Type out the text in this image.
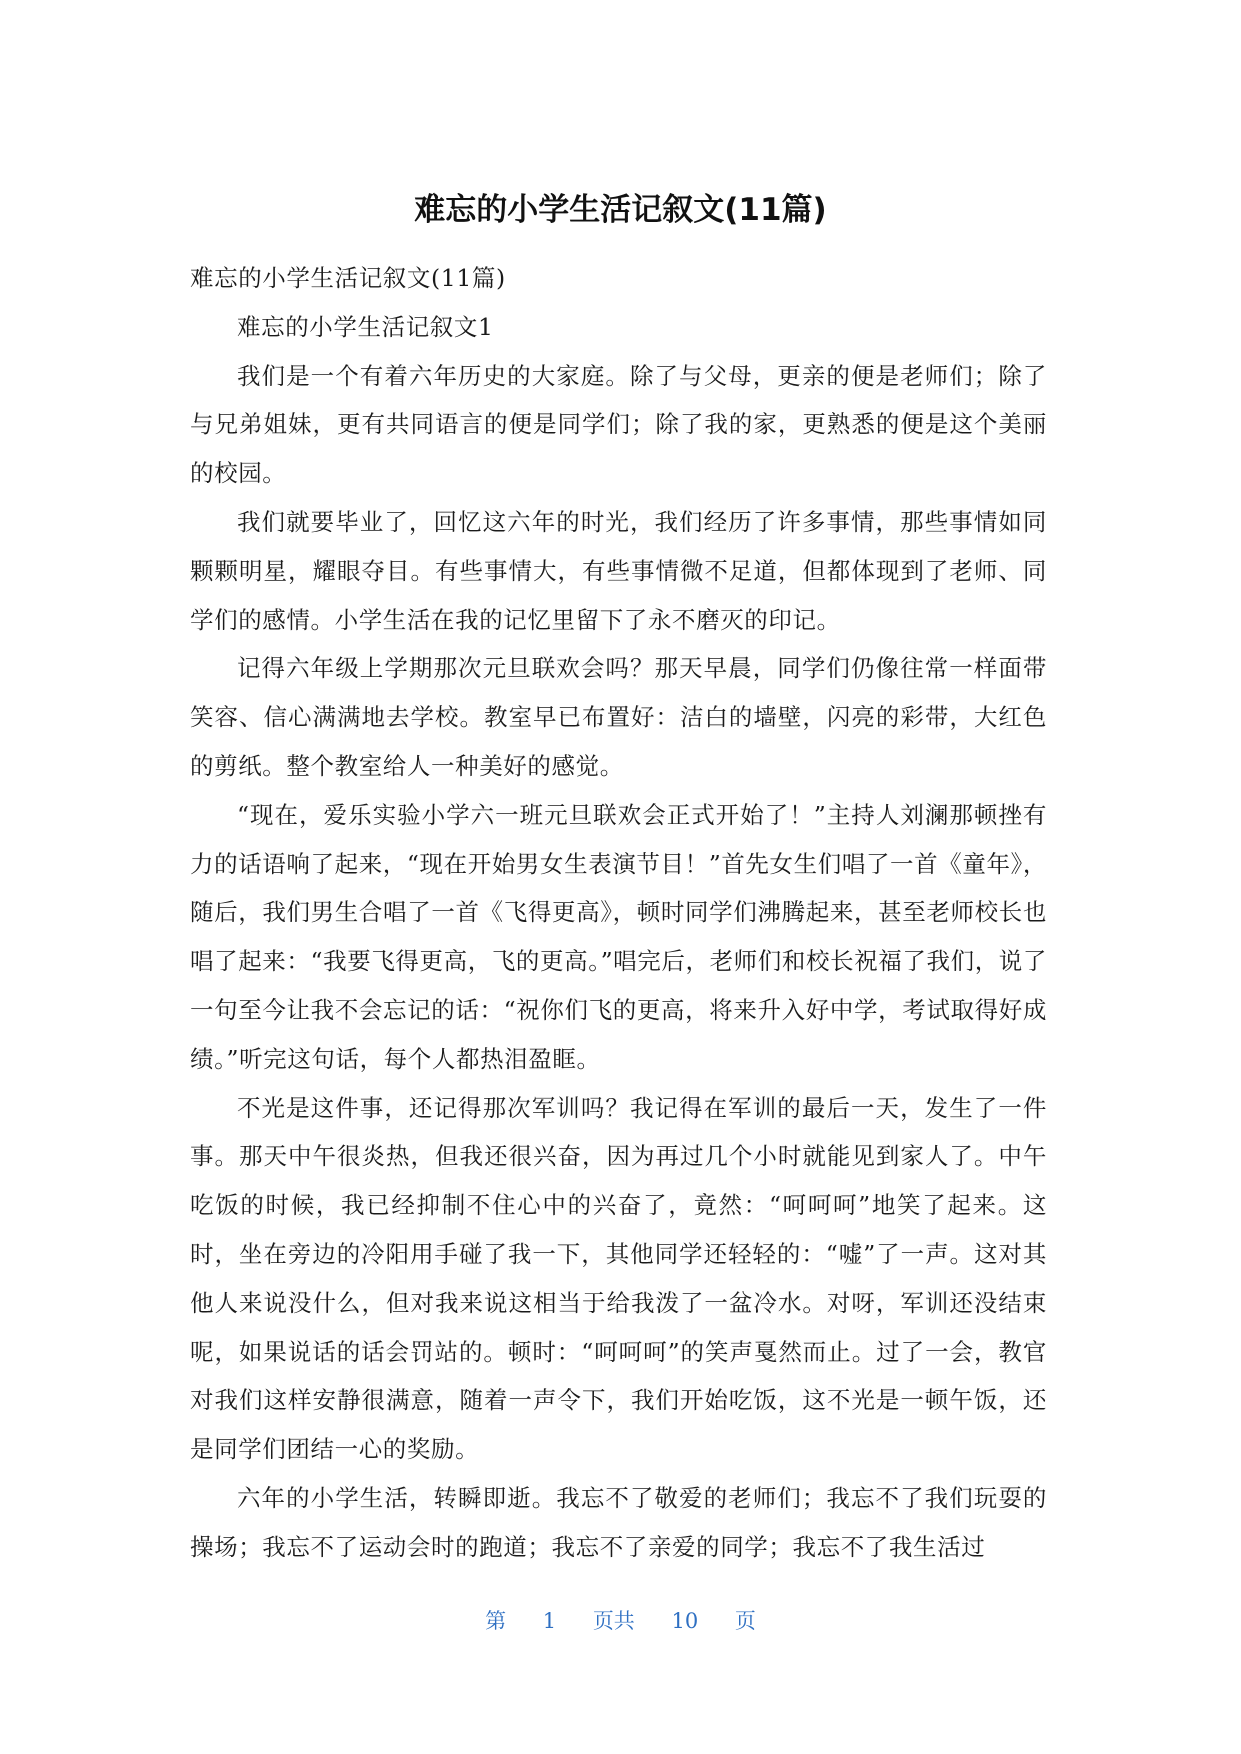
难忘的小学生活记叙文(11篇)

难忘的小学生活记叙文(11篇)

难忘的小学生活记叙文1

我们是一个有着六年历史的大家庭。除了与父母，更亲的便是老师们；除了与兄弟姐妹，更有共同语言的便是同学们；除了我的家，更熟悉的便是这个美丽的校园。

我们就要毕业了，回忆这六年的时光，我们经历了许多事情，那些事情如同颗颗明星，耀眼夺目。有些事情大，有些事情微不足道，但都体现到了老师、同学们的感情。小学生活在我的记忆里留下了永不磨灭的印记。

记得六年级上学期那次元旦联欢会吗？那天早晨，同学们仍像往常一样面带笑容、信心满满地去学校。教室早已布置好：洁白的墙壁，闪亮的彩带，大红色的剪纸。整个教室给人一种美好的感觉。

“现在，爱乐实验小学六一班元旦联欢会正式开始了！”主持人刘澜那顿挫有力的话语响了起来，“现在开始男女生表演节目！”首先女生们唱了一首《童年》，随后，我们男生合唱了一首《飞得更高》，顿时同学们沸腾起来，甚至老师校长也唱了起来：“我要飞得更高，飞的更高。”唱完后，老师们和校长祝福了我们，说了一句至今让我不会忘记的话：“祝你们飞的更高，将来升入好中学，考试取得好成绩。”听完这句话，每个人都热泪盈眶。

不光是这件事，还记得那次军训吗？我记得在军训的最后一天，发生了一件事。那天中午很炎热，但我还很兴奋，因为再过几个小时就能见到家人了。中午吃饭的时候，我已经抑制不住心中的兴奋了，竟然：“呵呵呵”地笑了起来。这时，坐在旁边的冷阳用手碰了我一下，其他同学还轻轻的：“嘘”了一声。这对其他人来说没什么，但对我来说这相当于给我泼了一盆冷水。对呀，军训还没结束呢，如果说话的话会罚站的。顿时：“呵呵呵”的笑声戛然而止。过了一会，教官对我们这样安静很满意，随着一声令下，我们开始吃饭，这不光是一顿午饭，还是同学们团结一心的奖励。

六年的小学生活，转瞬即逝。我忘不了敬爱的老师们；我忘不了我们玩耍的操场；我忘不了运动会时的跑道；我忘不了亲爱的同学；我忘不了我生活过

第 1 页共 10 页
